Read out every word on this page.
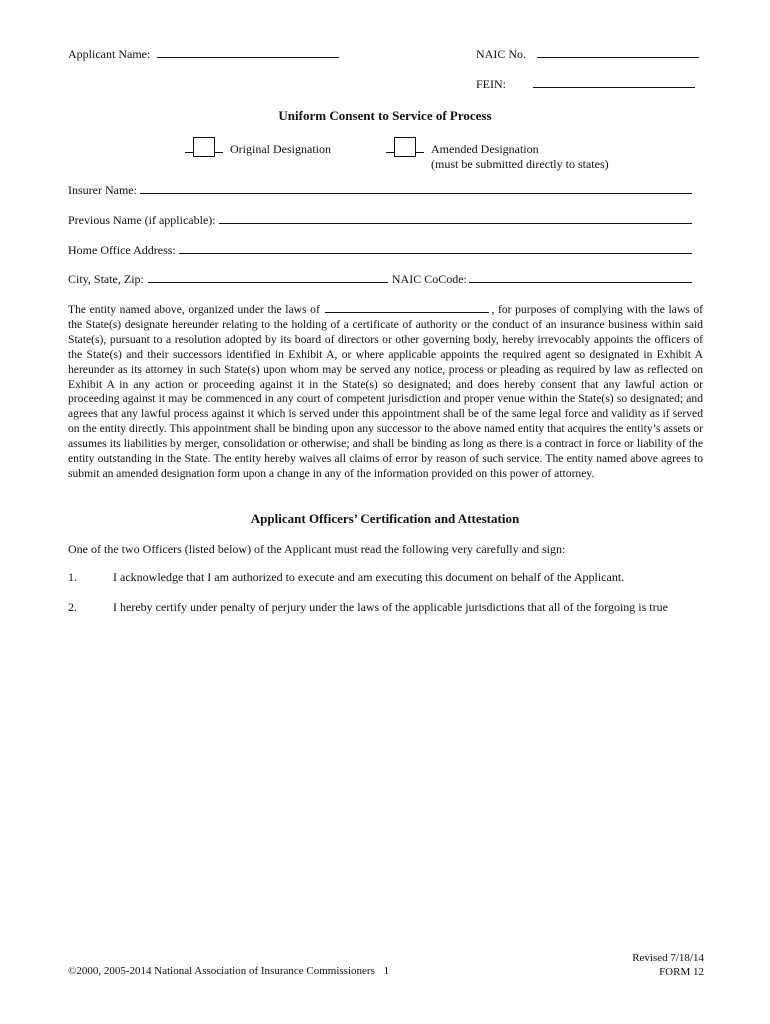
Applicant Name:	NAIC No.
FEIN:
Uniform Consent to Service of Process
Original Designation	Amended Designation
(must be submitted directly to states)
Insurer Name:
Previous Name (if applicable):
Home Office Address:
City, State, Zip:	NAIC CoCode:
The entity named above, organized under the laws of	, for purposes of complying with the laws of the State(s) designate hereunder relating to the holding of a certificate of authority or the conduct of an insurance business within said State(s), pursuant to a resolution adopted by its board of directors or other governing body, hereby irrevocably appoints the officers of the State(s) and their successors identified in Exhibit A, or where applicable appoints the required agent so designated in Exhibit A hereunder as its attorney in such State(s) upon whom may be served any notice, process or pleading as required by law as reflected on Exhibit A in any action or proceeding against it in the State(s) so designated; and does hereby consent that any lawful action or proceeding against it may be commenced in any court of competent jurisdiction and proper venue within the State(s) so designated; and agrees that any lawful process against it which is served under this appointment shall be of the same legal force and validity as if served on the entity directly. This appointment shall be binding upon any successor to the above named entity that acquires the entity’s assets or assumes its liabilities by merger, consolidation or otherwise; and shall be binding as long as there is a contract in force or liability of the entity outstanding in the State. The entity hereby waives all claims of error by reason of such service. The entity named above agrees to submit an amended designation form upon a change in any of the information provided on this power of attorney.
Applicant Officers’ Certification and Attestation
One of the two Officers (listed below) of the Applicant must read the following very carefully and sign:
1.	I acknowledge that I am authorized to execute and am executing this document on behalf of the Applicant.
2.	I hereby certify under penalty of perjury under the laws of the applicable jurisdictions that all of the forgoing is true
©2000, 2005-2014 National Association of Insurance Commissioners 1
Revised 7/18/14
FORM 12
